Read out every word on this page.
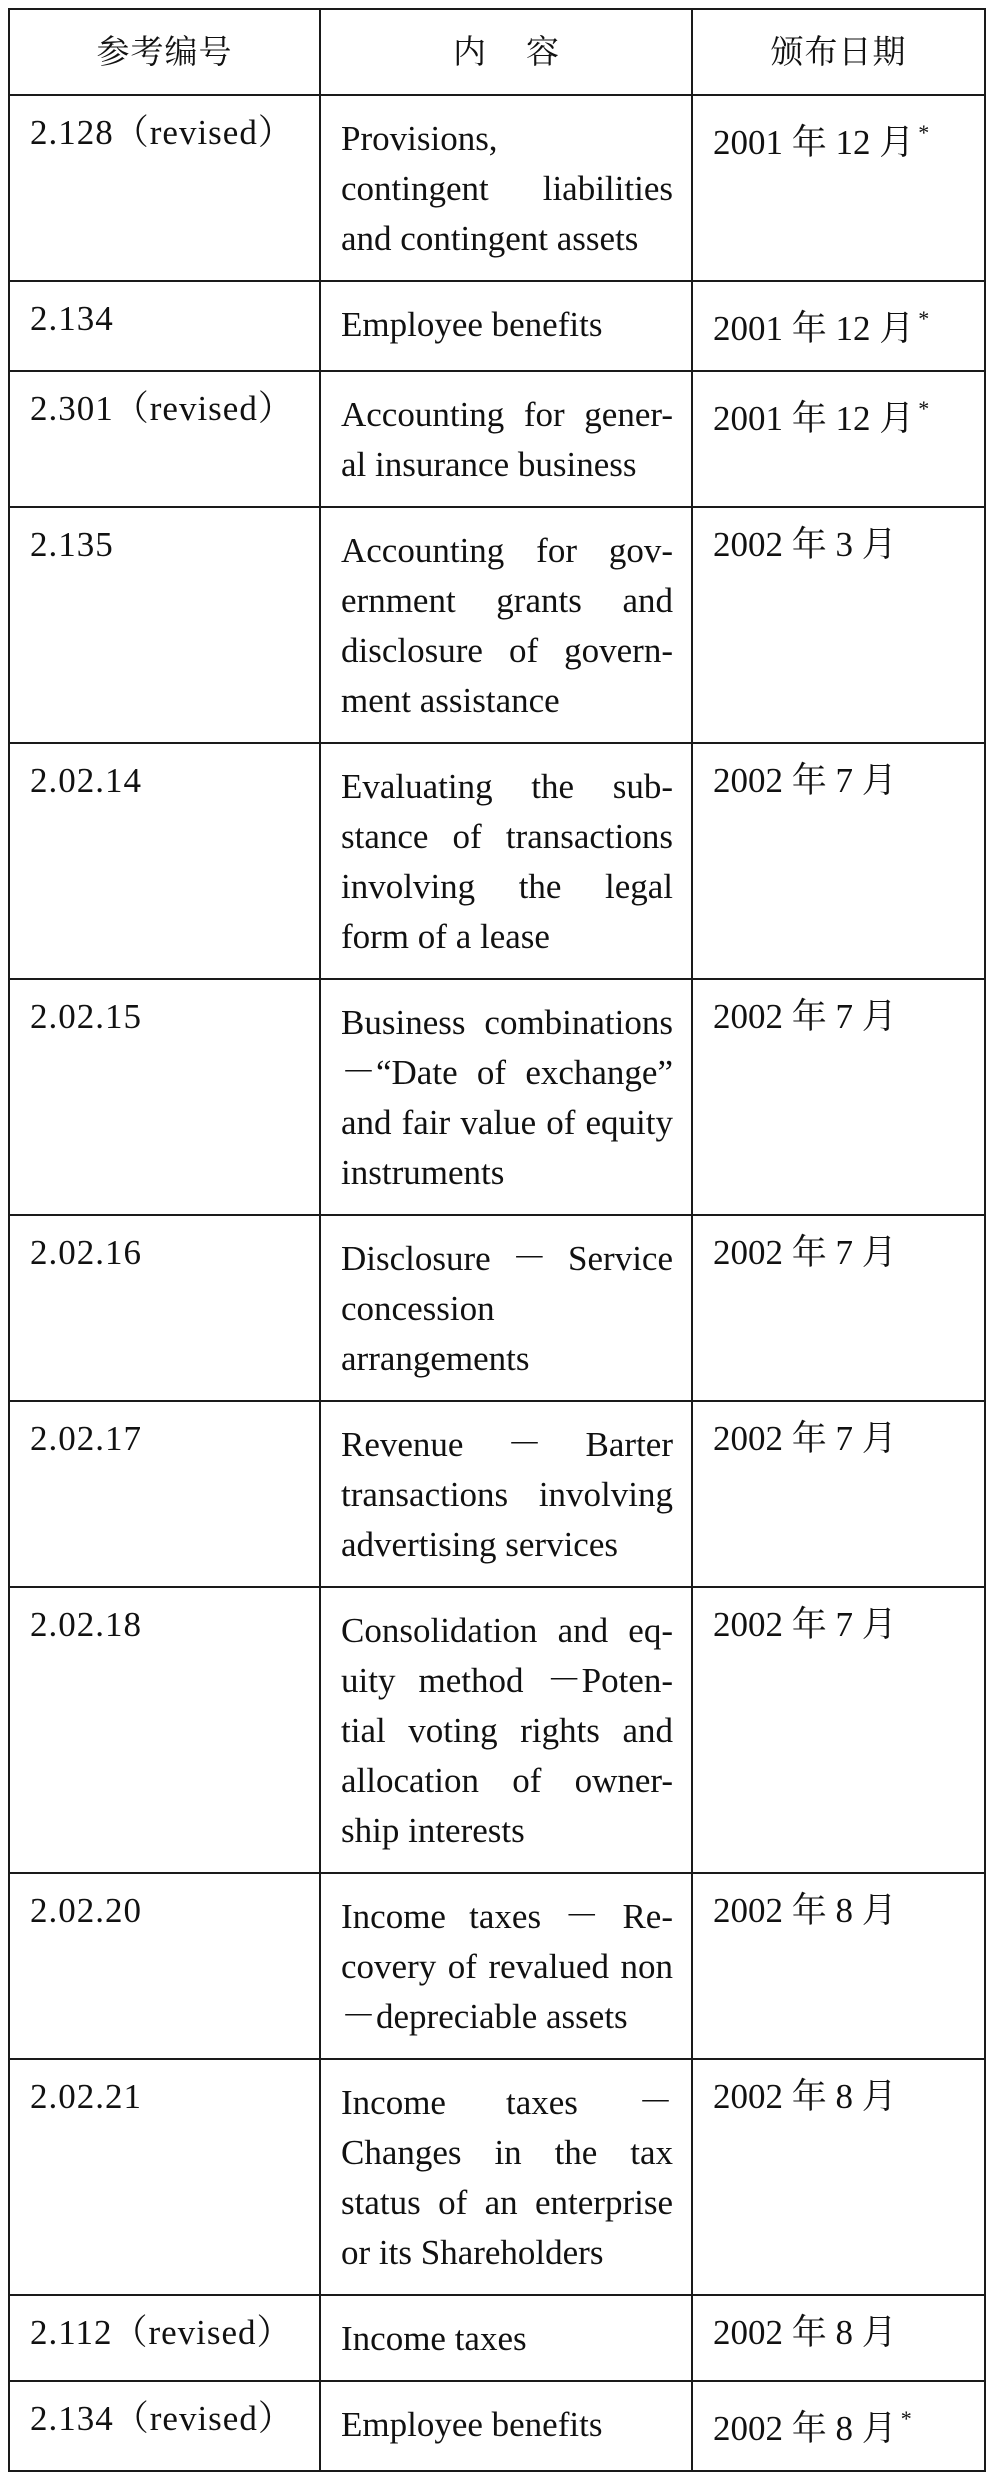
参考编号	内容	颁布日期
2.128（revised）	Provisions,
contingent liabilities
and contingent assets	2001 年 12 月 *
2.134	Employee benefits	2001 年 12 月 *
2.301（revised）	Accounting for gener-
al insurance business	2001 年 12 月 *
2.135	Accounting for gov-
ernment grants and
disclosure of govern-
ment assistance	2002 年 3 月
2.02.14	Evaluating the sub-
stance of transactions
involving the legal
form of a lease	2002 年 7 月
2.02.15	Business combinations
－“Date of exchange”
and fair value of equity
instruments	2002 年 7 月
2.02.16	Disclosure － Service
concession arrangements	2002 年 7 月
2.02.17	Revenue － Barter
transactions involving
advertising services	2002 年 7 月
2.02.18	Consolidation and eq-
uity method －Poten-
tial voting rights and
allocation of owner-
ship interests	2002 年 7 月
2.02.20	Income taxes － Re-
covery of revalued non
－depreciable assets	2002 年 8 月
2.02.21	Income taxes －
Changes in the tax
status of an enterprise
or its Shareholders	2002 年 8 月
2.112（revised）	Income taxes	2002 年 8 月
2.134（revised）	Employee benefits	2002 年 8 月 *
